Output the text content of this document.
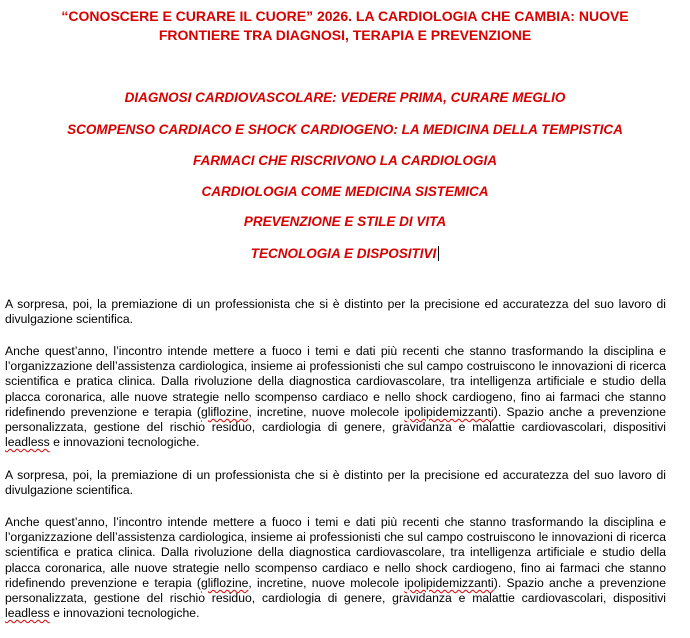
“CONOSCERE E CURARE IL CUORE” 2026. LA CARDIOLOGIA CHE CAMBIA: NUOVE
FRONTIERE TRA DIAGNOSI, TERAPIA E PREVENZIONE

DIAGNOSI CARDIOVASCOLARE: VEDERE PRIMA, CURARE MEGLIO

SCOMPENSO CARDIACO E SHOCK CARDIOGENO: LA MEDICINA DELLA TEMPISTICA

FARMACI CHE RISCRIVONO LA CARDIOLOGIA

CARDIOLOGIA COME MEDICINA SISTEMICA

PREVENZIONE E STILE DI VITA

TECNOLOGIA E DISPOSITIVI

A sorpresa, poi, la premiazione di un professionista che si è distinto per la precisione ed accuratezza del suo lavoro di divulgazione scientifica.

Anche quest’anno, l’incontro intende mettere a fuoco i temi e dati più recenti che stanno trasformando la disciplina e l’organizzazione dell’assistenza cardiologica, insieme ai professionisti che sul campo costruiscono le innovazioni di ricerca scientifica e pratica clinica. Dalla rivoluzione della diagnostica cardiovascolare, tra intelligenza artificiale e studio della placca coronarica, alle nuove strategie nello scompenso cardiaco e nello shock cardiogeno, fino ai farmaci che stanno ridefinendo prevenzione e terapia (gliflozine, incretine, nuove molecole ipolipidemizzanti). Spazio anche a prevenzione personalizzata, gestione del rischio residuo, cardiologia di genere, gravidanza e malattie cardiovascolari, dispositivi leadless e innovazioni tecnologiche.

A sorpresa, poi, la premiazione di un professionista che si è distinto per la precisione ed accuratezza del suo lavoro di divulgazione scientifica.

Anche quest’anno, l’incontro intende mettere a fuoco i temi e dati più recenti che stanno trasformando la disciplina e l’organizzazione dell’assistenza cardiologica, insieme ai professionisti che sul campo costruiscono le innovazioni di ricerca scientifica e pratica clinica. Dalla rivoluzione della diagnostica cardiovascolare, tra intelligenza artificiale e studio della placca coronarica, alle nuove strategie nello scompenso cardiaco e nello shock cardiogeno, fino ai farmaci che stanno ridefinendo prevenzione e terapia (gliflozine, incretine, nuove molecole ipolipidemizzanti). Spazio anche a prevenzione personalizzata, gestione del rischio residuo, cardiologia di genere, gravidanza e malattie cardiovascolari, dispositivi leadless e innovazioni tecnologiche.
